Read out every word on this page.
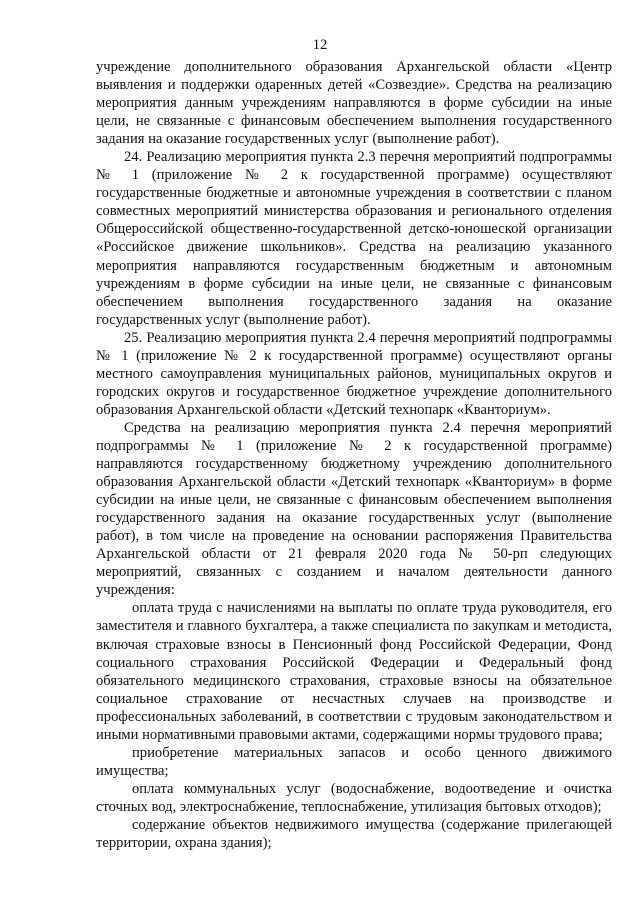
12

учреждение дополнительного образования Архангельской области «Центр выявления и поддержки одаренных детей «Созвездие». Средства на реализацию мероприятия данным учреждениям направляются в форме субсидии на иные цели, не связанные с финансовым обеспечением выполнения государственного задания на оказание государственных услуг (выполнение работ).

24. Реализацию мероприятия пункта 2.3 перечня мероприятий подпрограммы № 1 (приложение № 2 к государственной программе) осуществляют государственные бюджетные и автономные учреждения в соответствии с планом совместных мероприятий министерства образования и регионального отделения Общероссийской общественно-государственной детско-юношеской организации «Российское движение школьников». Средства на реализацию указанного мероприятия направляются государственным бюджетным и автономным учреждениям в форме субсидии на иные цели, не связанные с финансовым обеспечением выполнения государственного задания на оказание государственных услуг (выполнение работ).

25. Реализацию мероприятия пункта 2.4 перечня мероприятий подпрограммы № 1 (приложение № 2 к государственной программе) осуществляют органы местного самоуправления муниципальных районов, муниципальных округов и городских округов и государственное бюджетное учреждение дополнительного образования Архангельской области «Детский технопарк «Кванториум».

Средства на реализацию мероприятия пункта 2.4 перечня мероприятий подпрограммы № 1 (приложение № 2 к государственной программе) направляются государственному бюджетному учреждению дополнительного образования Архангельской области «Детский технопарк «Кванториум» в форме субсидии на иные цели, не связанные с финансовым обеспечением выполнения государственного задания на оказание государственных услуг (выполнение работ), в том числе на проведение на основании распоряжения Правительства Архангельской области от 21 февраля 2020 года № 50-рп следующих мероприятий, связанных с созданием и началом деятельности данного учреждения:

оплата труда с начислениями на выплаты по оплате труда руководителя, его заместителя и главного бухгалтера, а также специалиста по закупкам и методиста, включая страховые взносы в Пенсионный фонд Российской Федерации, Фонд социального страхования Российской Федерации и Федеральный фонд обязательного медицинского страхования, страховые взносы на обязательное социальное страхование от несчастных случаев на производстве и профессиональных заболеваний, в соответствии с трудовым законодательством и иными нормативными правовыми актами, содержащими нормы трудового права;

приобретение материальных запасов и особо ценного движимого имущества;

оплата коммунальных услуг (водоснабжение, водоотведение и очистка сточных вод, электроснабжение, теплоснабжение, утилизация бытовых отходов);

содержание объектов недвижимого имущества (содержание прилегающей территории, охрана здания);
